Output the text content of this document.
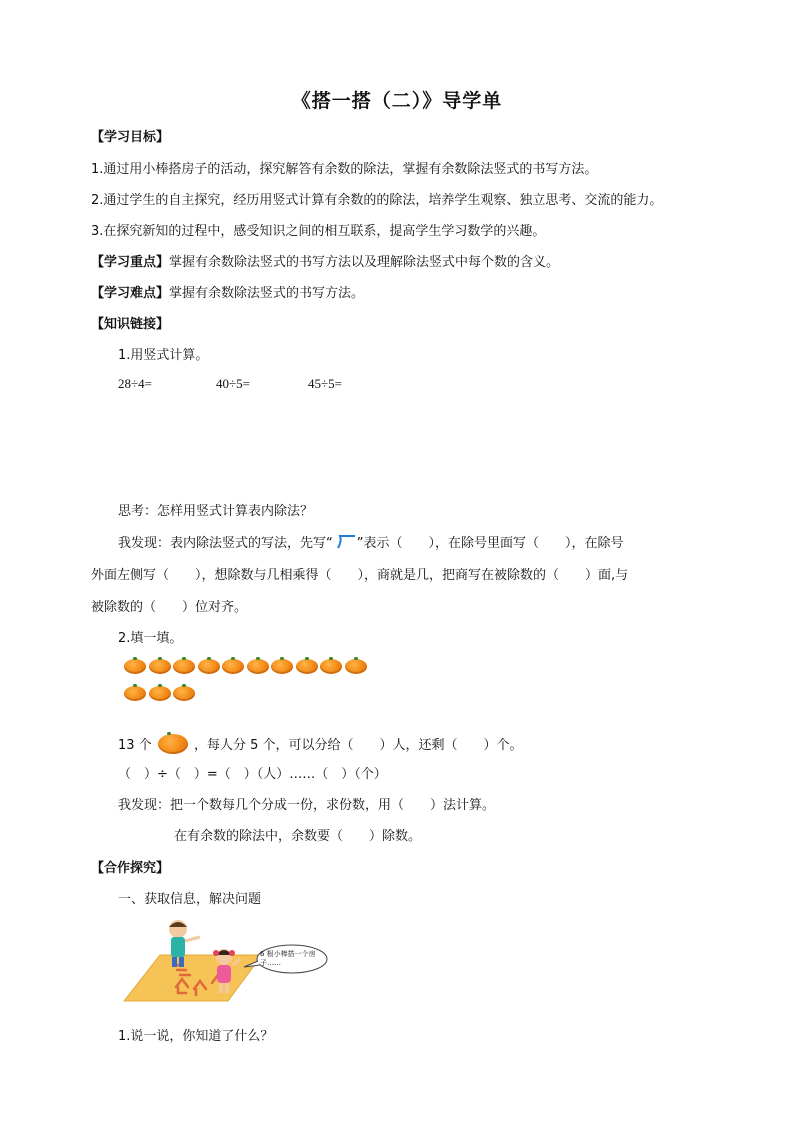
《搭一搭（二）》导学单
【学习目标】
1.通过用小棒搭房子的活动，探究解答有余数的除法，掌握有余数除法竖式的书写方法。
2.通过学生的自主探究，经历用竖式计算有余数的的除法，培养学生观察、独立思考、交流的能力。
3.在探究新知的过程中，感受知识之间的相互联系，提高学生学习数学的兴趣。
【学习重点】掌握有余数除法竖式的书写方法以及理解除法竖式中每个数的含义。
【学习难点】掌握有余数除法竖式的书写方法。
【知识链接】
1.用竖式计算。
28÷4=	40÷5=	45÷5=
思考：怎样用竖式计算表内除法？
我发现：表内除法竖式的写法，先写“ ”表示（　　），在除号里面写（　　），在除号
外面左侧写（　　），想除数与几相乘得（　　），商就是几，把商写在被除数的（　　）面,与
被除数的（　　）位对齐。
2.填一填。
13 个	，每人分 5 个，可以分给（　　）人，还剩（　　）个。
（　）÷（　）=（　）（人）……（　）（个）
我发现：把一个数每几个分成一份，求份数，用（　　）法计算。
在有余数的除法中，余数要（　　）除数。
【合作探究】
一、获取信息，解决问题
6 根小棒搭一个房子……
1.说一说，你知道了什么？
